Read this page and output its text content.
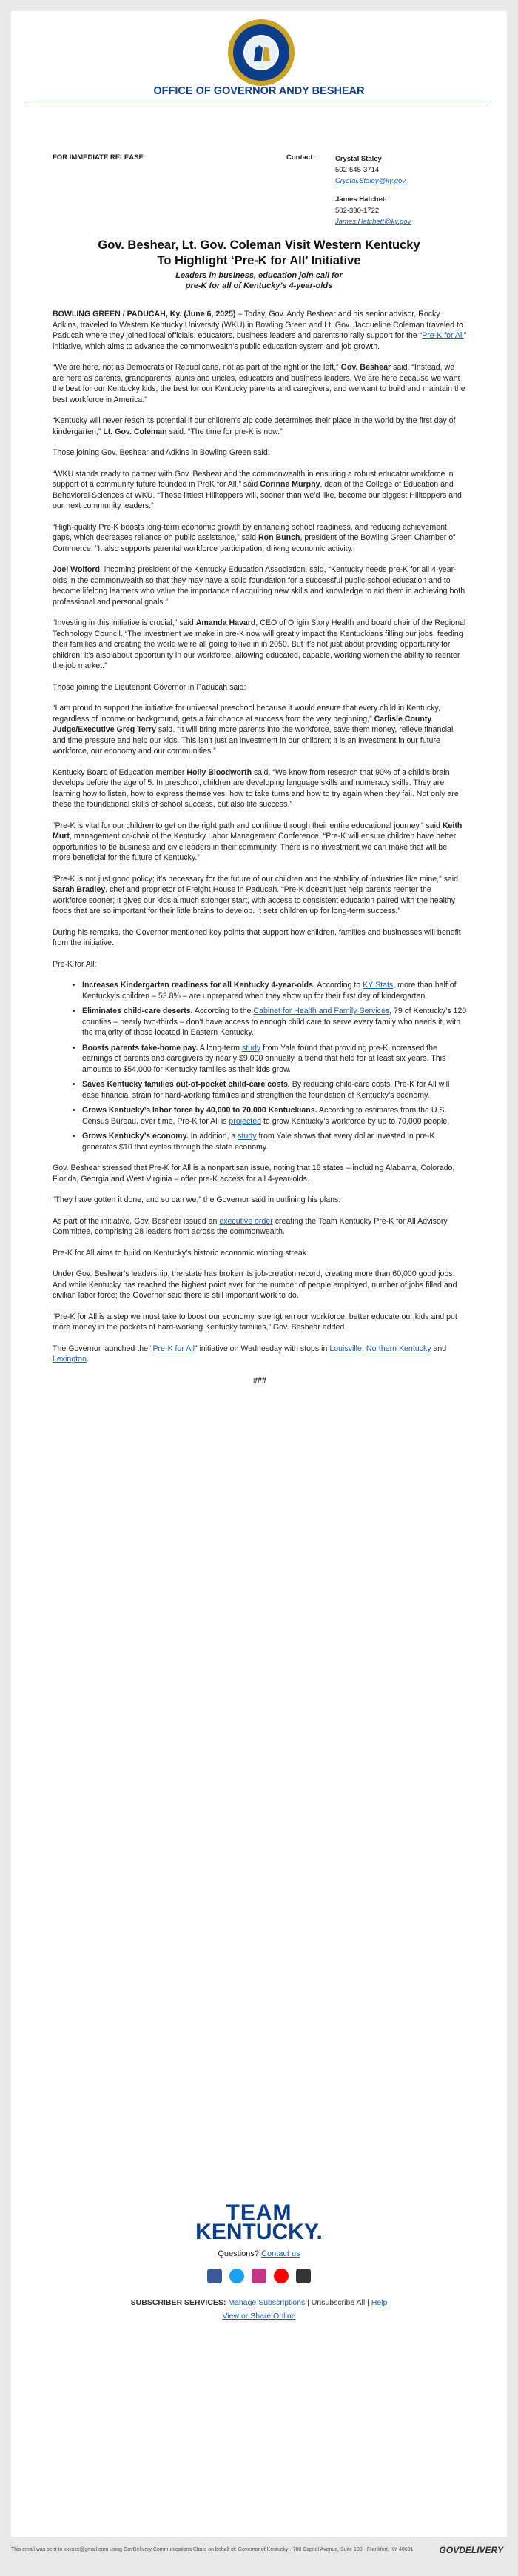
OFFICE OF GOVERNOR ANDY BESHEAR
FOR IMMEDIATE RELEASE	Contact:	Crystal Staley
502-545-3714
Crystal.Staley@ky.gov
James Hatchett
502-330-1722
James.Hatchett@ky.gov
Gov. Beshear, Lt. Gov. Coleman Visit Western Kentucky
To Highlight ‘Pre-K for All’ Initiative
Leaders in business, education join call for
pre-K for all of Kentucky’s 4-year-olds

BOWLING GREEN / PADUCAH, Ky. (June 6, 2025) – Today, Gov. Andy Beshear and his senior advisor, Rocky Adkins, traveled to Western Kentucky University (WKU) in Bowling Green and Lt. Gov. Jacqueline Coleman traveled to Paducah where they joined local officials, educators, business leaders and parents to rally support for the “Pre-K for All” initiative, which aims to advance the commonwealth’s public education system and job growth.

“We are here, not as Democrats or Republicans, not as part of the right or the left,” Gov. Beshear said. “Instead, we are here as parents, grandparents, aunts and uncles, educators and business leaders. We are here because we want the best for our Kentucky kids, the best for our Kentucky parents and caregivers, and we want to build and maintain the best workforce in America.”

“Kentucky will never reach its potential if our children’s zip code determines their place in the world by the first day of kindergarten,” Lt. Gov. Coleman said. “The time for pre-K is now.”

Those joining Gov. Beshear and Adkins in Bowling Green said:

“WKU stands ready to partner with Gov. Beshear and the commonwealth in ensuring a robust educator workforce in support of a community future founded in PreK for All,” said Corinne Murphy, dean of the College of Education and Behavioral Sciences at WKU. “These littlest Hilltoppers will, sooner than we’d like, become our biggest Hilltoppers and our next community leaders.”

“High-quality Pre-K boosts long-term economic growth by enhancing school readiness, and reducing achievement gaps, which decreases reliance on public assistance,” said Ron Bunch, president of the Bowling Green Chamber of Commerce. “It also supports parental workforce participation, driving economic activity.

Joel Wolford, incoming president of the Kentucky Education Association, said, “Kentucky needs pre-K for all 4-year-olds in the commonwealth so that they may have a solid foundation for a successful public-school education and to become lifelong learners who value the importance of acquiring new skills and knowledge to aid them in achieving both professional and personal goals.”

“Investing in this initiative is crucial,” said Amanda Havard, CEO of Origin Story Health and board chair of the Regional Technology Council. “The investment we make in pre-K now will greatly impact the Kentuckians filling our jobs, feeding their families and creating the world we’re all going to live in in 2050. But it’s not just about providing opportunity for children; it’s also about opportunity in our workforce, allowing educated, capable, working women the ability to reenter the job market.”

Those joining the Lieutenant Governor in Paducah said:

“I am proud to support the initiative for universal preschool because it would ensure that every child in Kentucky, regardless of income or background, gets a fair chance at success from the very beginning,” Carlisle County Judge/Executive Greg Terry said. “It will bring more parents into the workforce, save them money, relieve financial and time pressure and help our kids. This isn’t just an investment in our children; it is an investment in our future workforce, our economy and our communities.”

Kentucky Board of Education member Holly Bloodworth said, “We know from research that 90% of a child’s brain develops before the age of 5. In preschool, children are developing language skills and numeracy skills. They are learning how to listen, how to express themselves, how to take turns and how to try again when they fail. Not only are these the foundational skills of school success, but also life success.”

“Pre-K is vital for our children to get on the right path and continue through their entire educational journey,” said Keith Murt, management co-chair of the Kentucky Labor Management Conference. “Pre-K will ensure children have better opportunities to be business and civic leaders in their community. There is no investment we can make that will be more beneficial for the future of Kentucky.”

“Pre-K is not just good policy; it’s necessary for the future of our children and the stability of industries like mine,” said Sarah Bradley, chef and proprietor of Freight House in Paducah. “Pre-K doesn’t just help parents reenter the workforce sooner; it gives our kids a much stronger start, with access to consistent education paired with the healthy foods that are so important for their little brains to develop. It sets children up for long-term success.”

During his remarks, the Governor mentioned key points that support how children, families and businesses will benefit from the initiative.

Pre-K for All:

• Increases Kindergarten readiness for all Kentucky 4-year-olds. According to KY Stats, more than half of Kentucky’s children – 53.8% – are unprepared when they show up for their first day of kindergarten.
• Eliminates child-care deserts. According to the Cabinet for Health and Family Services, 79 of Kentucky’s 120 counties – nearly two-thirds – don’t have access to enough child care to serve every family who needs it, with the majority of those located in Eastern Kentucky.
• Boosts parents take-home pay. A long-term study from Yale found that providing pre-K increased the earnings of parents and caregivers by nearly $9,000 annually, a trend that held for at least six years. This amounts to $54,000 for Kentucky families as their kids grow.
• Saves Kentucky families out-of-pocket child-care costs. By reducing child-care costs, Pre-K for All will ease financial strain for hard-working families and strengthen the foundation of Kentucky’s economy.
• Grows Kentucky’s labor force by 40,000 to 70,000 Kentuckians. According to estimates from the U.S. Census Bureau, over time, Pre-K for All is projected to grow Kentucky’s workforce by up to 70,000 people.
• Grows Kentucky’s economy. In addition, a study from Yale shows that every dollar invested in pre-K generates $10 that cycles through the state economy.

Gov. Beshear stressed that Pre-K for All is a nonpartisan issue, noting that 18 states – including Alabama, Colorado, Florida, Georgia and West Virginia – offer pre-K access for all 4-year-olds.

“They have gotten it done, and so can we,” the Governor said in outlining his plans.

As part of the initiative, Gov. Beshear issued an executive order creating the Team Kentucky Pre-K for All Advisory Committee, comprising 28 leaders from across the commonwealth.

Pre-K for All aims to build on Kentucky’s historic economic winning streak.

Under Gov. Beshear’s leadership, the state has broken its job-creation record, creating more than 60,000 good jobs. And while Kentucky has reached the highest point ever for the number of people employed, number of jobs filled and civilian labor force; the Governor said there is still important work to do.

“Pre-K for All is a step we must take to boost our economy, strengthen our workforce, better educate our kids and put more money in the pockets of hard-working Kentucky families,” Gov. Beshear added.

The Governor launched the “Pre-K for All” initiative on Wednesday with stops in Louisville, Northern Kentucky and Lexington.

###

TEAM
KENTUCKY.
Questions? Contact us
SUBSCRIBER SERVICES: Manage Subscriptions | Unsubscribe All | Help
View or Share Online
This email was sent to xxxxxx@gmail.com using GovDelivery Communications Cloud on behalf of: Governor of Kentucky · 700 Capitol Avenue, Suite 100 · Frankfort, KY 40601	GOVDELIVERY
